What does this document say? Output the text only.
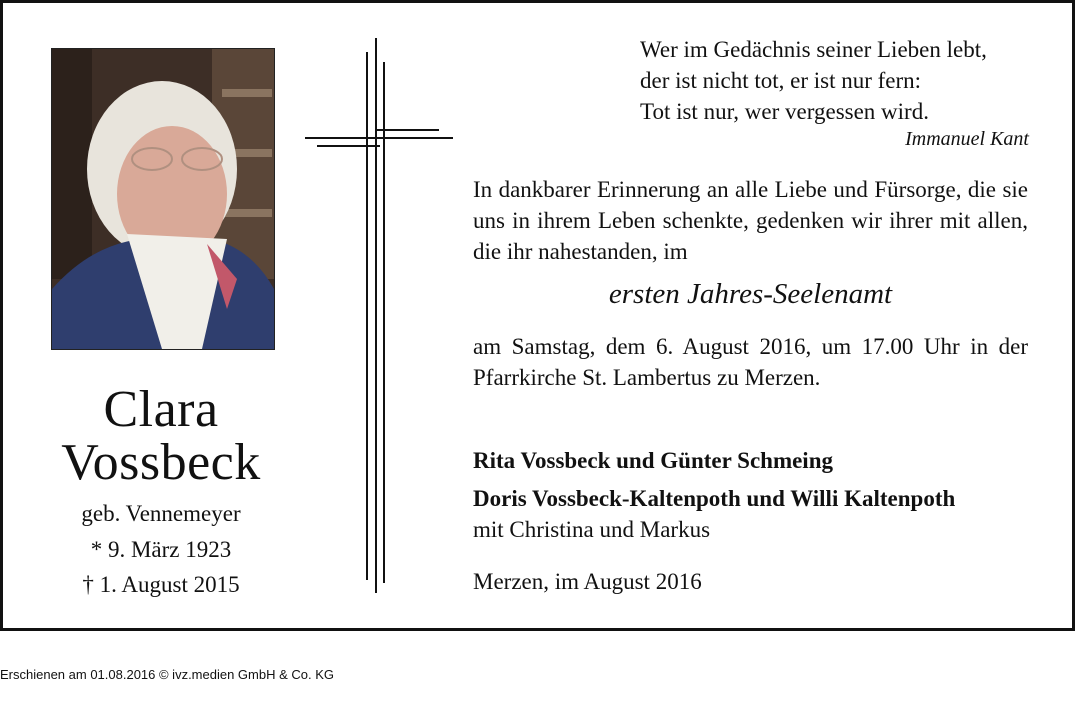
Clara
Vossbeck
geb. Vennemeyer
* 9. März 1923
† 1. August 2015
Wer im Gedächnis seiner Lieben lebt,
der ist nicht tot, er ist nur fern:
Tot ist nur, wer vergessen wird.
Immanuel Kant
In dankbarer Erinnerung an alle Liebe und Fürsorge, die sie uns in ihrem Leben schenkte, gedenken wir ihrer mit allen, die ihr nahestanden, im
ersten Jahres-Seelenamt
am Samstag, dem 6. August 2016, um 17.00 Uhr in der Pfarrkirche St. Lambertus zu Merzen.
Rita Vossbeck und Günter Schmeing
Doris Vossbeck-Kaltenpoth und Willi Kaltenpoth
mit Christina und Markus
Merzen, im August 2016
Erschienen am 01.08.2016 © ivz.medien GmbH & Co. KG
